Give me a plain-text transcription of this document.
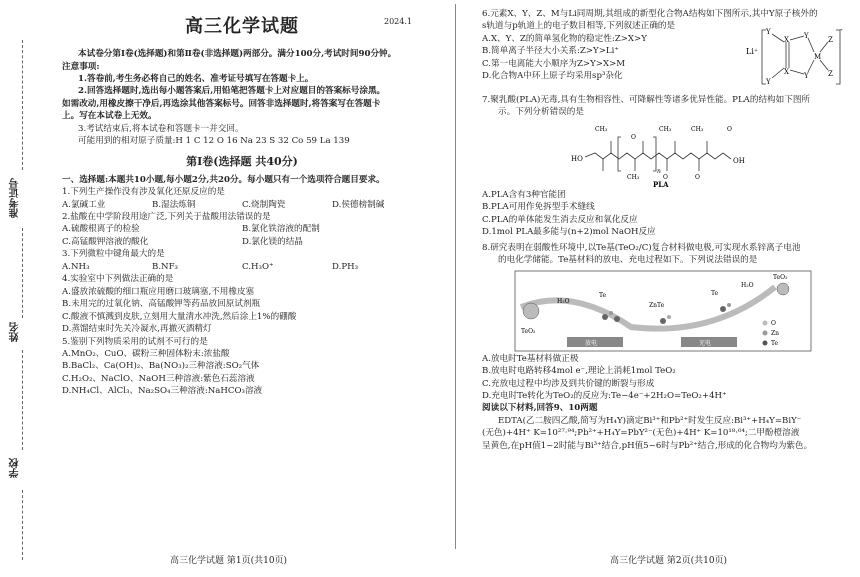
准考证号
姓名
学校
高三化学试题	2024.1

本试卷分第Ⅰ卷(选择题)和第Ⅱ卷(非选择题)两部分。满分100分,考试时间90分钟。

注意事项:

1.答卷前,考生务必将自己的姓名、准考证号填写在答题卡上。

2.回答选择题时,选出每小题答案后,用铅笔把答题卡上对应题目的答案标号涂黑。

如需改动,用橡皮擦干净后,再选涂其他答案标号。回答非选择题时,将答案写在答题卡

上。写在本试卷上无效。

3.考试结束后,将本试卷和答题卡一并交回。

可能用到的相对原子质量:H 1 C 12 O 16 Na 23 S 32 Co 59 La 139

第Ⅰ卷(选择题 共40分)

一、选择题:本题共10小题,每小题2分,共20分。每小题只有一个选项符合题目要求。

1.下列生产操作没有涉及氧化还原反应的是

A.氯碱工业	B.湿法炼铜	C.烧制陶瓷	D.侯德榜制碱

2.盐酸在中学阶段用途广泛,下列关于盐酸用法错误的是

A.硫酸根离子的检验	B.氯化铁溶液的配制
C.高锰酸钾溶液的酸化	D.氯化镁的结晶

3.下列微粒中键角最大的是

A.NH₃	B.NF₃	C.H₃O⁺	D.PH₃

4.实验室中下列做法正确的是

A.盛放浓硫酸的细口瓶应用磨口玻璃塞,不用橡皮塞

B.未用完的过氧化钠、高锰酸钾等药品放回原试剂瓶

C.酸液不慎溅到皮肤,立刻用大量清水冲洗,然后涂上1%的硼酸

D.蒸馏结束时先关冷凝水,再撤灭酒精灯

5.鉴别下列物质采用的试剂不可行的是

A.MnO₂、CuO、碳粉三种固体粉末:浓盐酸

B.BaCl₂、Ca(OH)₂、Ba(NO₃)₂三种溶液:SO₂气体

C.H₂O₂、NaClO、NaOH三种溶液:紫色石蕊溶液

D.NH₄Cl、AlCl₃、Na₂SO₄三种溶液:NaHCO₃溶液

高三化学试题 第1页(共10页)

6.元素X、Y、Z、M与Li同周期,其组成的新型化合物A结构如下图所示,其中Y原子核外的

s轨道与p轨道上的电子数目相等,下列叙述正确的是

A.X、Y、Z的简单氢化物的稳定性:Z>X>Y

B.简单离子半径大小关系:Z>Y>Li⁺

C.第一电离能大小顺序为Z>Y>X>M

D.化合物A中环上原子均采用sp³杂化

Li⁺
-
Y
Y
X
X
Y
Y
M
Z
Z

7.聚乳酸(PLA)无毒,具有生物相容性、可降解性等诸多优异性能。PLA的结构如下图所

示。下列分析错误的是

HO
CH₃	CH₃	CH₃
CH₃
O
O	O
O
n
OH
PLA

A.PLA含有3种官能团

B.PLA可用作免拆型手术缝线

C.PLA的单体能发生消去反应和氧化反应

D.1mol PLA最多能与(n+2)mol NaOH反应

8.研究表明在弱酸性环境中,以Te基(TeO₂/C)复合材料做电极,可实现水系锌离子电池

的电化学储能。Te基材料的放电、充电过程如下。下列说法错误的是

TeO₂
H₂O
Te
ZnTe
Te
H₂O
TeO₂
放电	充电
O
Zn
Te

A.放电时Te基材料做正极

B.放电时电路转移4mol e⁻,理论上消耗1mol TeO₂

C.充放电过程中均涉及到共价键的断裂与形成

D.充电时Te转化为TeO₂的反应为:Te−4e⁻+2H₂O=TeO₂+4H⁺

阅读以下材料,回答9、10两题

EDTA(乙二胺四乙酸,简写为H₄Y)滴定Bi³⁺和Pb²⁺时发生反应:Bi³⁺+H₄Y=BiY⁻

(无色)+4H⁺ K=10²⁷·⁹⁴;Pb²⁺+H₄Y=PbY²⁻(无色)+4H⁺ K=10¹⁸·⁰⁴;二甲酚橙溶液

呈黄色,在pH值1~2时能与Bi³⁺结合,pH值5~6时与Pb²⁺结合,形成的化合物均为紫色。

高三化学试题 第2页(共10页)
